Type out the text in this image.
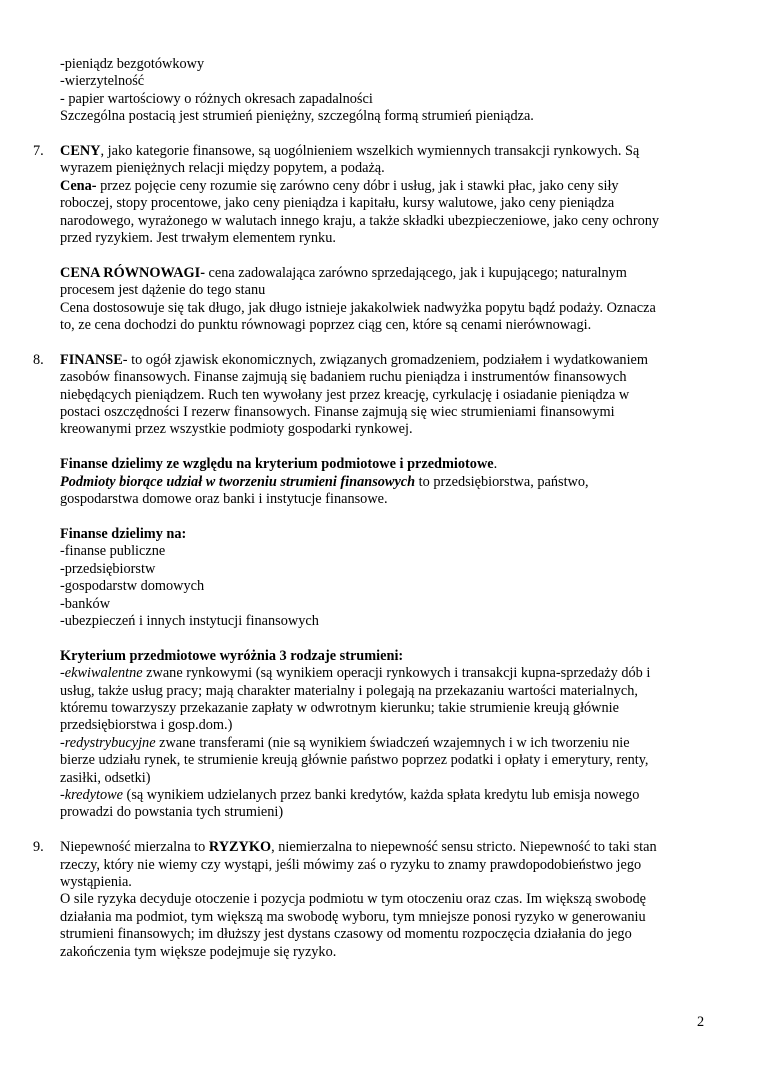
-pieniądz bezgotówkowy
-wierzytelność
- papier wartościowy o różnych okresach zapadalności
Szczególna postacią jest strumień pieniężny, szczególną formą strumień pieniądza.
7. CENY, jako kategorie finansowe, są uogólnieniem wszelkich wymiennych transakcji rynkowych. Są
wyrazem pieniężnych relacji między popytem, a podażą.
Cena- przez pojęcie ceny rozumie się zarówno ceny dóbr i usług, jak i stawki płac, jako ceny siły
roboczej, stopy procentowe, jako ceny pieniądza i kapitału, kursy walutowe, jako ceny pieniądza
narodowego, wyrażonego w walutach innego kraju, a także składki ubezpieczeniowe, jako ceny ochrony
przed ryzykiem. Jest trwałym elementem rynku.
CENA RÓWNOWAGI- cena zadowalająca zarówno sprzedającego, jak i kupującego; naturalnym
procesem jest dążenie do tego stanu
Cena dostosowuje się tak długo, jak długo istnieje jakakolwiek nadwyżka popytu bądź podaży. Oznacza
to, ze cena dochodzi do punktu równowagi poprzez ciąg cen, które są cenami nierównowagi.
8. FINANSE- to ogół zjawisk ekonomicznych, związanych gromadzeniem, podziałem i wydatkowaniem
zasobów finansowych. Finanse zajmują się badaniem ruchu pieniądza i instrumentów finansowych
niebędących pieniądzem. Ruch ten wywołany jest przez kreację, cyrkulację i osiadanie pieniądza w
postaci oszczędności I rezerw finansowych. Finanse zajmują się wiec strumieniami finansowymi
kreowanymi przez wszystkie podmioty gospodarki rynkowej.
Finanse dzielimy ze względu na kryterium podmiotowe i przedmiotowe.
Podmioty biorące udział w tworzeniu strumieni finansowych to przedsiębiorstwa, państwo,
gospodarstwa domowe oraz banki i instytucje finansowe.
Finanse dzielimy na:
-finanse publiczne
-przedsiębiorstw
-gospodarstw domowych
-banków
-ubezpieczeń i innych instytucji finansowych
Kryterium przedmiotowe wyróżnia 3 rodzaje strumieni:
-ekwiwalentne zwane rynkowymi (są wynikiem operacji rynkowych i transakcji kupna-sprzedaży dób i
usług, także usług pracy; mają charakter materialny i polegają na przekazaniu wartości materialnych,
któremu towarzyszy przekazanie zapłaty w odwrotnym kierunku; takie strumienie kreują głównie
przedsiębiorstwa i gosp.dom.)
-redystrybucyjne zwane transferami (nie są wynikiem świadczeń wzajemnych i w ich tworzeniu nie
bierze udziału rynek, te strumienie kreują głównie państwo poprzez podatki i opłaty i emerytury, renty,
zasiłki, odsetki)
-kredytowe (są wynikiem udzielanych przez banki kredytów, każda spłata kredytu lub emisja nowego
prowadzi do powstania tych strumieni)
9. Niepewność mierzalna to RYZYKO, niemierzalna to niepewność sensu stricto. Niepewność to taki stan
rzeczy, który nie wiemy czy wystąpi, jeśli mówimy zaś o ryzyku to znamy prawdopodobieństwo jego
wystąpienia.
O sile ryzyka decyduje otoczenie i pozycja podmiotu w tym otoczeniu oraz czas. Im większą swobodę
działania ma podmiot, tym większą ma swobodę wyboru, tym mniejsze ponosi ryzyko w generowaniu
strumieni finansowych; im dłuższy jest dystans czasowy od momentu rozpoczęcia działania do jego
zakończenia tym większe podejmuje się ryzyko.
2
